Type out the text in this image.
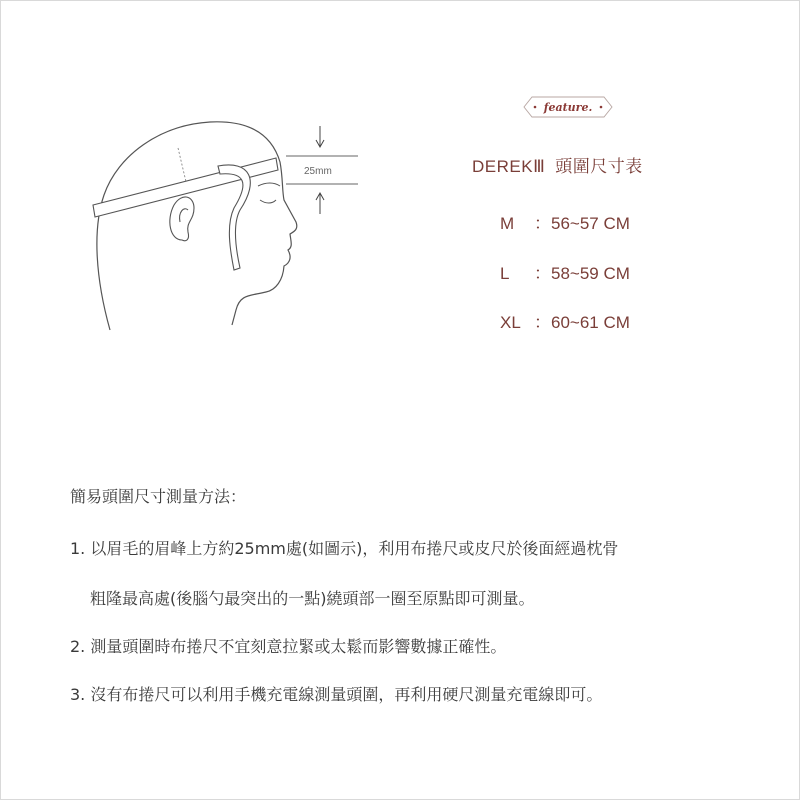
25mm
feature.
DEREKⅢ 頭圍尺寸表
M ：56~57 CM
L ：58~59 CM
XL ：60~61 CM
簡易頭圍尺寸測量方法：
1. 以眉毛的眉峰上方約25mm處(如圖示)，利用布捲尺或皮尺於後面經過枕骨
粗隆最高處(後腦勺最突出的一點)繞頭部一圈至原點即可測量。
2. 測量頭圍時布捲尺不宜刻意拉緊或太鬆而影響數據正確性。
3. 沒有布捲尺可以利用手機充電線測量頭圍，再利用硬尺測量充電線即可。
